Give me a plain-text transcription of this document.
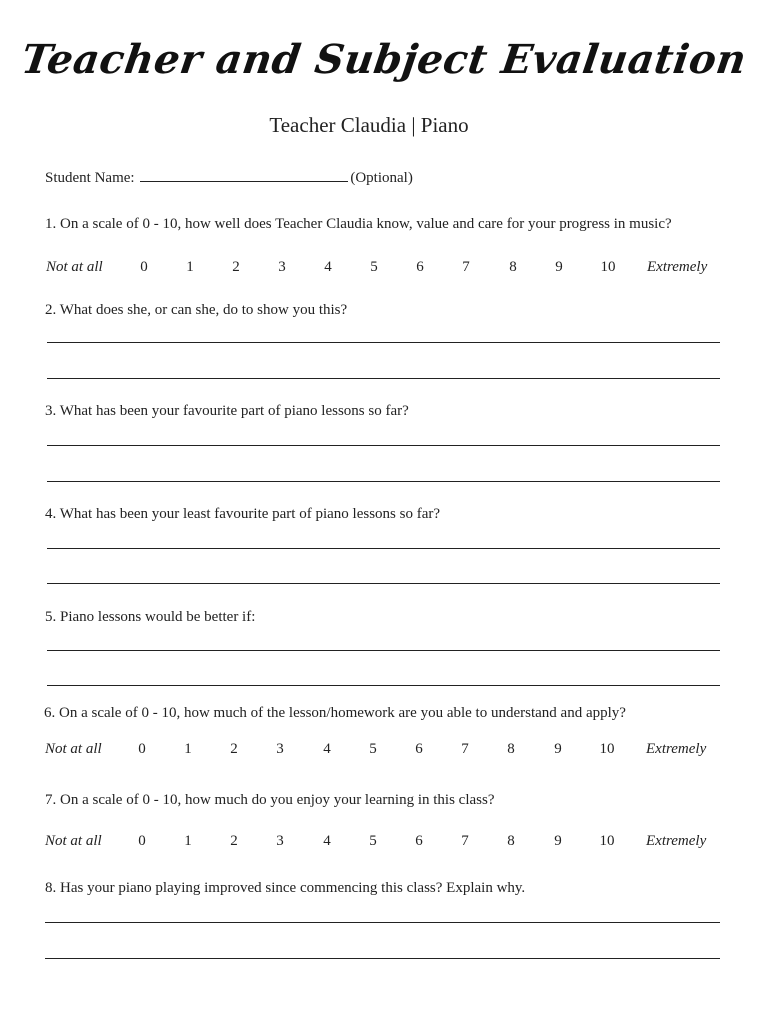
Teacher and Subject Evaluation
Teacher Claudia | Piano
Student Name:	(Optional)
1. On a scale of 0 - 10, how well does Teacher Claudia know, value and care for your progress in music?
Not at all	0	1	2	3	4	5	6	7	8	9	10	Extremely
2. What does she, or can she, do to show you this?
3. What has been your favourite part of piano lessons so far?
4. What has been your least favourite part of piano lessons so far?
5. Piano lessons would be better if:
6. On a scale of 0 - 10, how much of the lesson/homework are you able to understand and apply?
Not at all	0	1	2	3	4	5	6	7	8	9	10	Extremely
7. On a scale of 0 - 10, how much do you enjoy your learning in this class?
Not at all	0	1	2	3	4	5	6	7	8	9	10	Extremely
8. Has your piano playing improved since commencing this class? Explain why.
